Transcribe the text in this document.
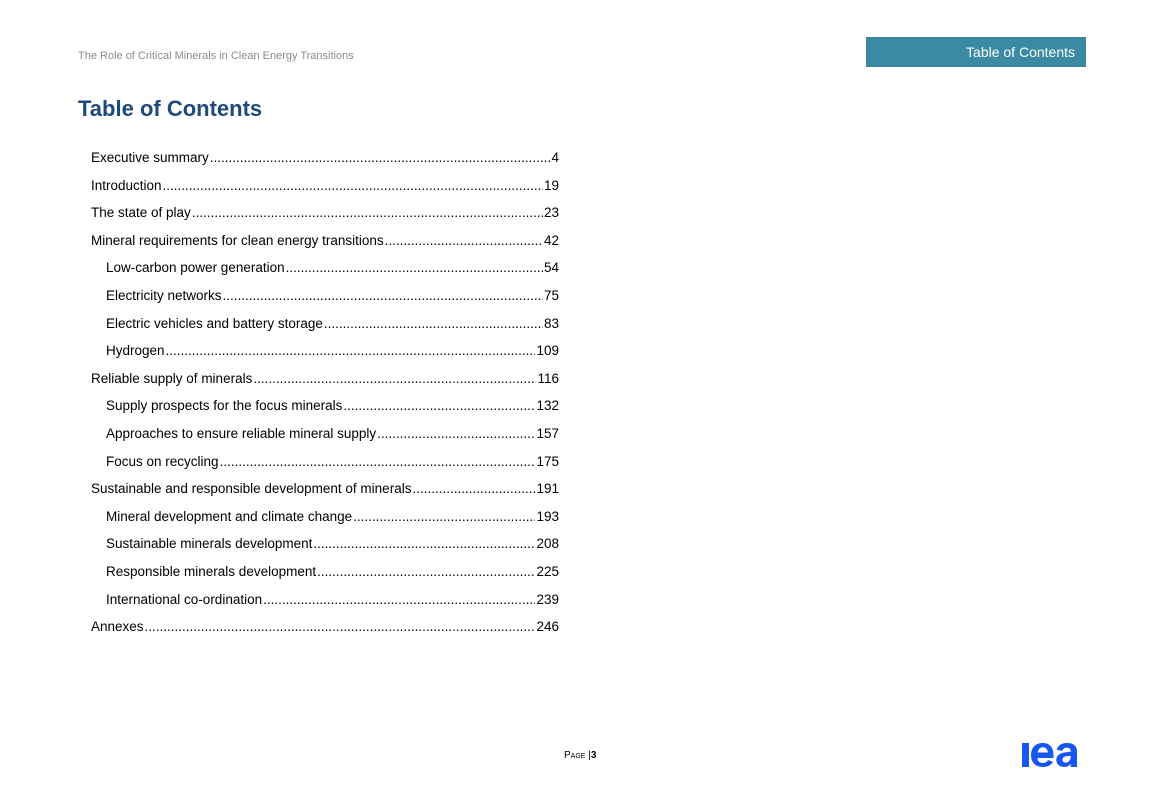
The Role of Critical Minerals in Clean Energy Transitions	Table of Contents
Table of Contents
Executive summary .....	4
Introduction .....	19
The state of play .....	23
Mineral requirements for clean energy transitions .....	42
Low-carbon power generation .....	54
Electricity networks .....	75
Electric vehicles and battery storage .....	83
Hydrogen .....	109
Reliable supply of minerals .....	116
Supply prospects for the focus minerals .....	132
Approaches to ensure reliable mineral supply .....	157
Focus on recycling .....	175
Sustainable and responsible development of minerals .....	191
Mineral development and climate change .....	193
Sustainable minerals development .....	208
Responsible minerals development .....	225
International co-ordination .....	239
Annexes .....	246
Page |3
iea
